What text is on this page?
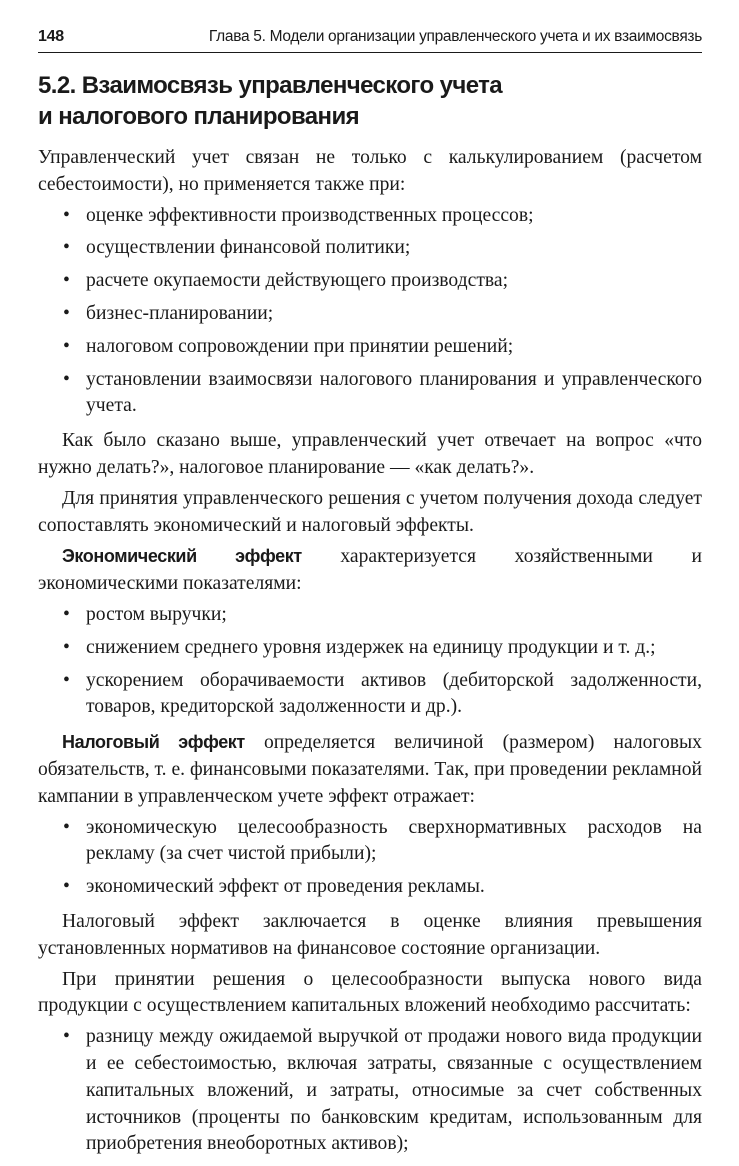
148	Глава 5. Модели организации управленческого учета и их взаимосвязь
5.2. Взаимосвязь управленческого учета
и налогового планирования

Управленческий учет связан не только с калькулированием (расчетом себестоимости), но применяется также при:

• оценке эффективности производственных процессов;
• осуществлении финансовой политики;
• расчете окупаемости действующего производства;
• бизнес-планировании;
• налоговом сопровождении при принятии решений;
• установлении взаимосвязи налогового планирования и управленческого учета.

Как было сказано выше, управленческий учет отвечает на вопрос «что нужно делать?», налоговое планирование — «как делать?».

Для принятия управленческого решения с учетом получения дохода следует сопоставлять экономический и налоговый эффекты.

Экономический эффект характеризуется хозяйственными и экономическими показателями:

• ростом выручки;
• снижением среднего уровня издержек на единицу продукции и т. д.;
• ускорением оборачиваемости активов (дебиторской задолженности, товаров, кредиторской задолженности и др.).

Налоговый эффект определяется величиной (размером) налоговых обязательств, т. е. финансовыми показателями. Так, при проведении рекламной кампании в управленческом учете эффект отражает:

• экономическую целесообразность сверхнормативных расходов на рекламу (за счет чистой прибыли);
• экономический эффект от проведения рекламы.

Налоговый эффект заключается в оценке влияния превышения установленных нормативов на финансовое состояние организации.

При принятии решения о целесообразности выпуска нового вида продукции с осуществлением капитальных вложений необходимо рассчитать:

• разницу между ожидаемой выручкой от продажи нового вида продукции и ее себестоимостью, включая затраты, связанные с осуществлением капитальных вложений, и затраты, относимые за счет собственных источников (проценты по банковским кредитам, использованным для приобретения внеоборотных активов);
